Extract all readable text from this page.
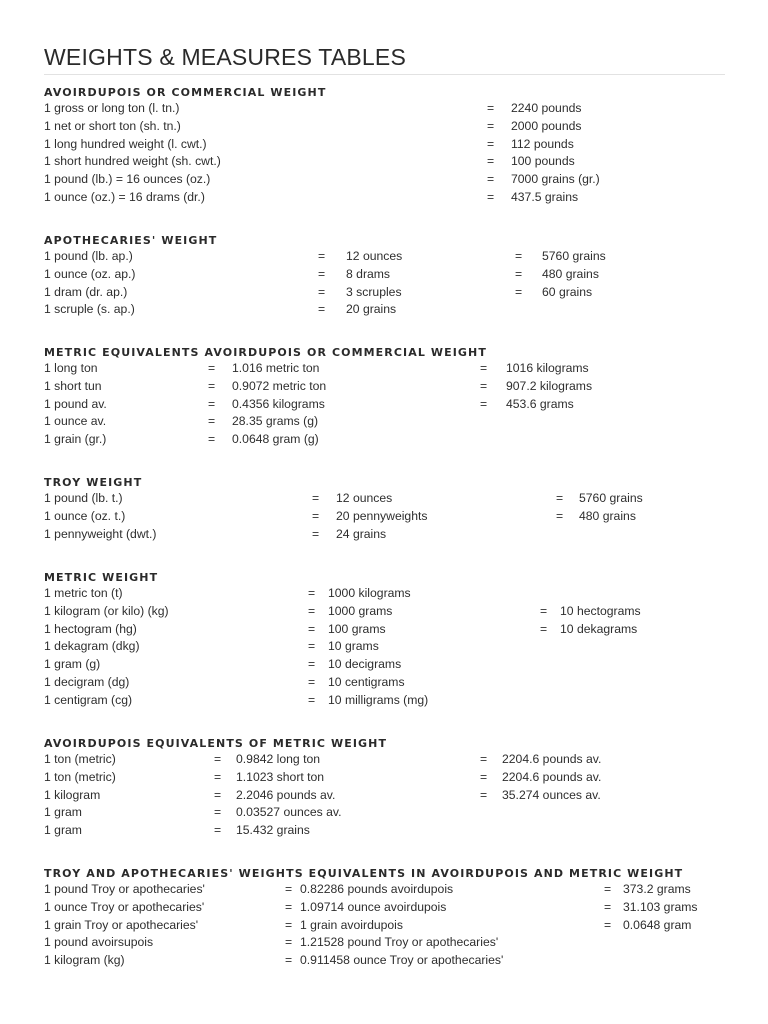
WEIGHTS & MEASURES TABLES
AVOIRDUPOIS OR COMMERCIAL WEIGHT
1 gross or long ton (l. tn.)	= 2240 pounds
1 net or short ton (sh. tn.)	= 2000 pounds
1 long hundred weight (l. cwt.)	= 112 pounds
1 short hundred weight (sh. cwt.)	= 100 pounds
1 pound (lb.) = 16 ounces (oz.)	= 7000 grains (gr.)
1 ounce (oz.) = 16 drams (dr.)	= 437.5 grains
APOTHECARIES' WEIGHT
1 pound (lb. ap.)	= 12 ounces	= 5760 grains
1 ounce (oz. ap.)	= 8 drams	= 480 grains
1 dram (dr. ap.)	= 3 scruples	= 60 grains
1 scruple (s. ap.)	= 20 grains
METRIC EQUIVALENTS AVOIRDUPOIS OR COMMERCIAL WEIGHT
1 long ton	= 1.016 metric ton	= 1016 kilograms
1 short tun	= 0.9072 metric ton	= 907.2 kilograms
1 pound av.	= 0.4356 kilograms	= 453.6 grams
1 ounce av.	= 28.35 grams (g)
1 grain (gr.)	= 0.0648 gram (g)
TROY WEIGHT
1 pound (lb. t.)	= 12 ounces	= 5760 grains
1 ounce (oz. t.)	= 20 pennyweights	= 480 grains
1 pennyweight (dwt.)	= 24 grains
METRIC WEIGHT
1 metric ton (t)	= 1000 kilograms
1 kilogram (or kilo) (kg)	= 1000 grams	= 10 hectograms
1 hectogram (hg)	= 100 grams	= 10 dekagrams
1 dekagram (dkg)	= 10 grams
1 gram (g)	= 10 decigrams
1 decigram (dg)	= 10 centigrams
1 centigram (cg)	= 10 milligrams (mg)
AVOIRDUPOIS EQUIVALENTS OF METRIC WEIGHT
1 ton (metric)	= 0.9842 long ton	= 2204.6 pounds av.
1 ton (metric)	= 1.1023 short ton	= 2204.6 pounds av.
1 kilogram	= 2.2046 pounds av.	= 35.274 ounces av.
1 gram	= 0.03527 ounces av.
1 gram	= 15.432 grains
TROY AND APOTHECARIES' WEIGHTS EQUIVALENTS IN AVOIRDUPOIS AND METRIC WEIGHT
1 pound Troy or apothecaries'	= 0.82286 pounds avoirdupois	= 373.2 grams
1 ounce Troy or apothecaries'	= 1.09714 ounce avoirdupois	= 31.103 grams
1 grain Troy or apothecaries'	= 1 grain avoirdupois	= 0.0648 gram
1 pound avoirsupois	= 1.21528 pound Troy or apothecaries'
1 kilogram (kg)	= 0.911458 ounce Troy or apothecaries'
